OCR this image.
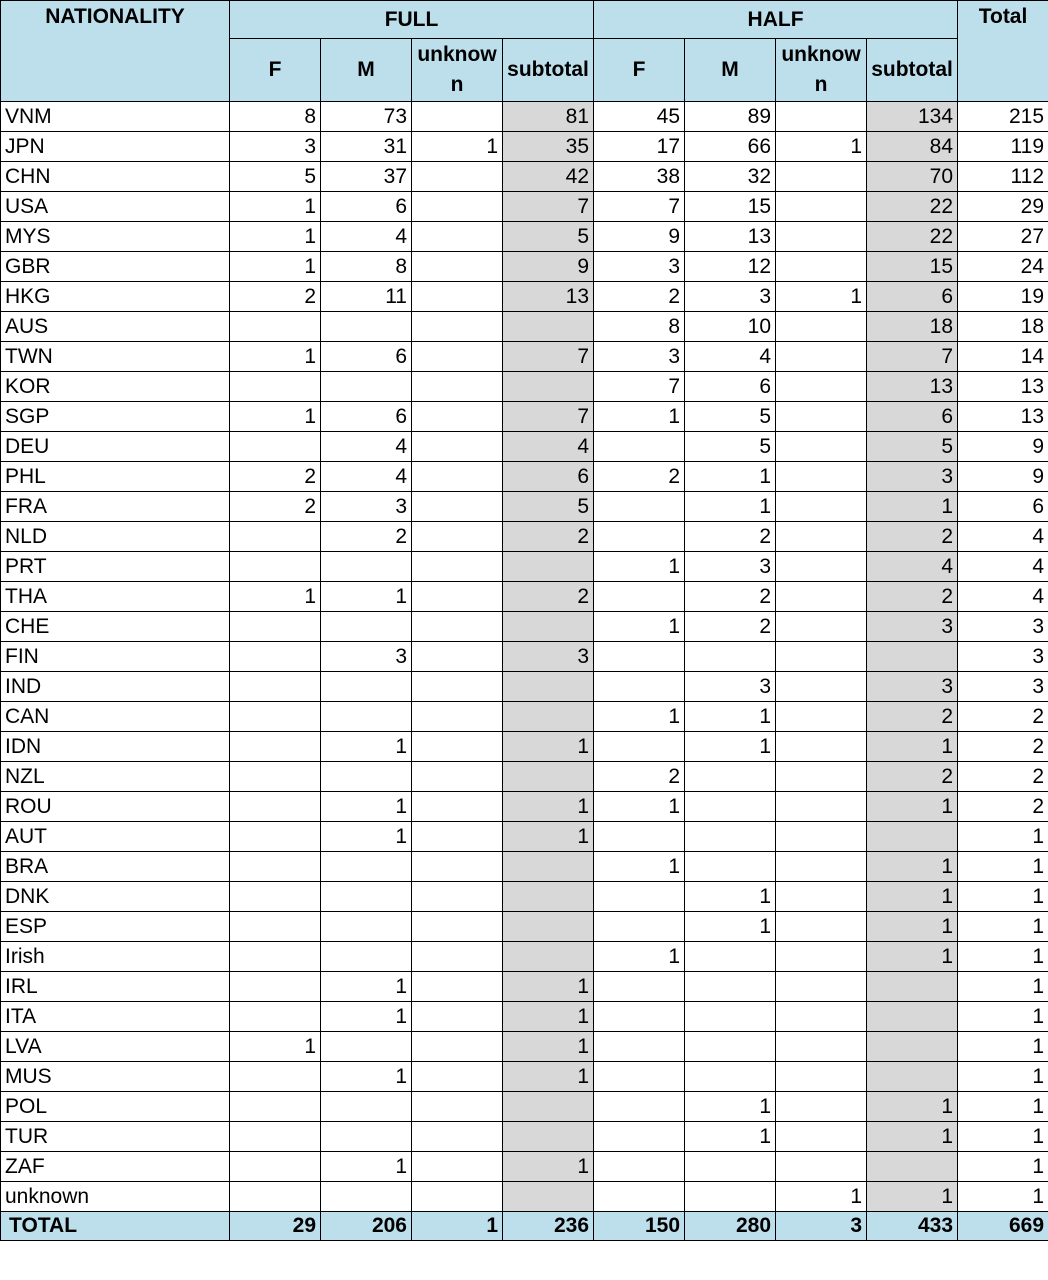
NATIONALITY	FULL				HALF				Total
	F	M	unknown	subtotal	F	M	unknown	subtotal	
VNM	8	73		81	45	89		134	215
JPN	3	31	1	35	17	66	1	84	119
CHN	5	37		42	38	32		70	112
USA	1	6		7	7	15		22	29
MYS	1	4		5	9	13		22	27
GBR	1	8		9	3	12		15	24
HKG	2	11		13	2	3	1	6	19
AUS					8	10		18	18
TWN	1	6		7	3	4		7	14
KOR					7	6		13	13
SGP	1	6		7	1	5		6	13
DEU		4		4		5		5	9
PHL	2	4		6	2	1		3	9
FRA	2	3		5		1		1	6
NLD		2		2		2		2	4
PRT					1	3		4	4
THA	1	1		2		2		2	4
CHE					1	2		3	3
FIN		3		3					3
IND						3		3	3
CAN					1	1		2	2
IDN		1		1		1		1	2
NZL					2			2	2
ROU		1		1	1			1	2
AUT		1		1					1
BRA					1			1	1
DNK						1		1	1
ESP						1		1	1
Irish					1			1	1
IRL		1		1					1
ITA		1		1					1
LVA	1			1					1
MUS		1		1					1
POL						1		1	1
TUR						1		1	1
ZAF		1		1					1
unknown							1	1	1
TOTAL	29	206	1	236	150	280	3	433	669
